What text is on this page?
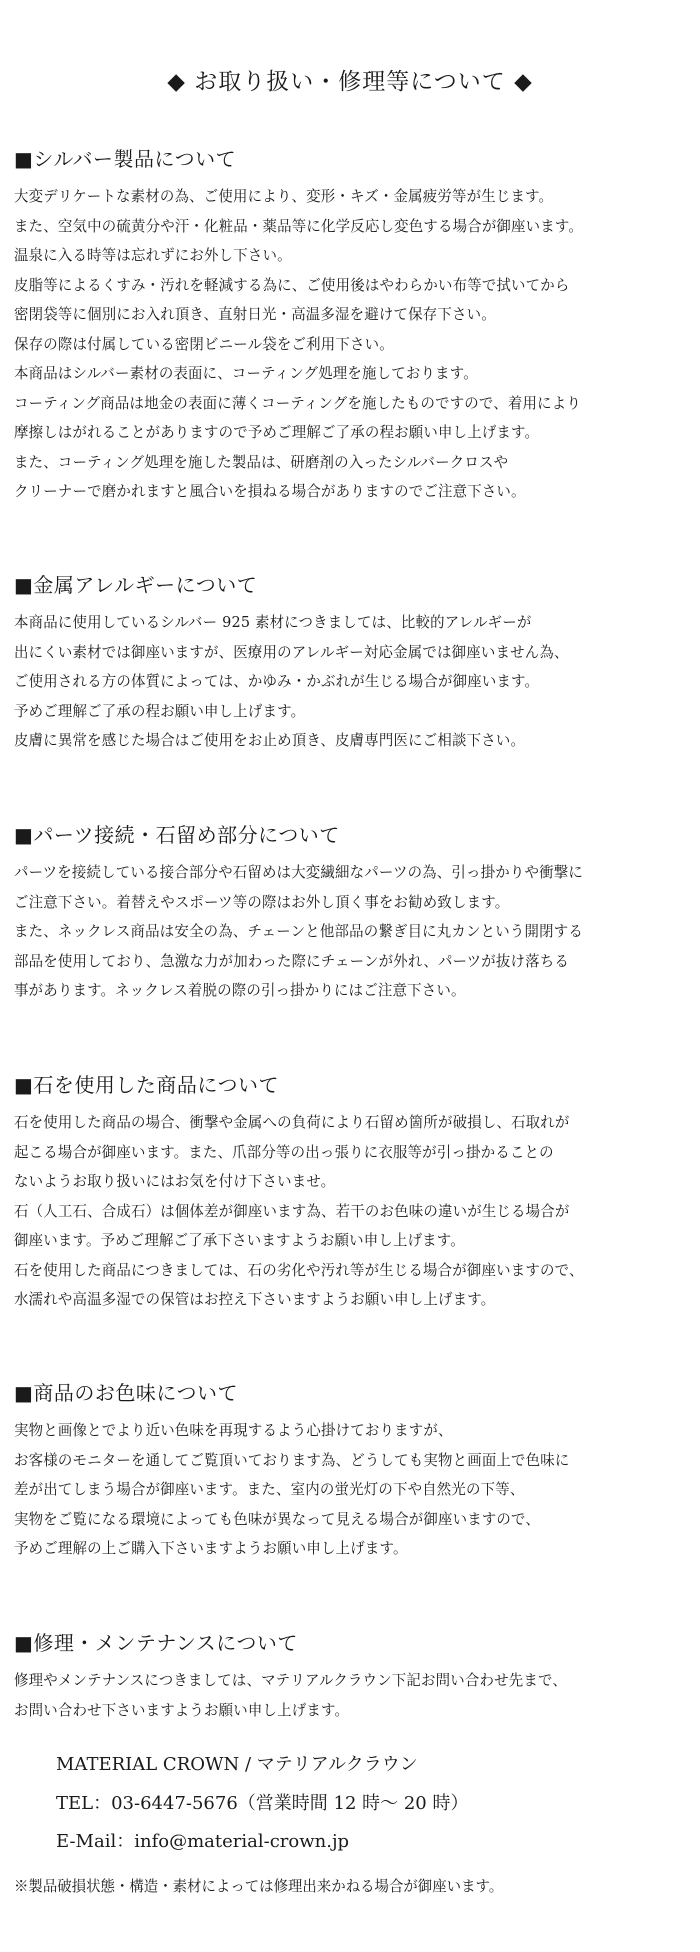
◆ お取り扱い・修理等について ◆
■シルバー製品について
大変デリケートな素材の為、ご使用により、変形・キズ・金属疲労等が生じます。
また、空気中の硫黄分や汗・化粧品・薬品等に化学反応し変色する場合が御座います。
温泉に入る時等は忘れずにお外し下さい。
皮脂等によるくすみ・汚れを軽減する為に、ご使用後はやわらかい布等で拭いてから
密閉袋等に個別にお入れ頂き、直射日光・高温多湿を避けて保存下さい。
保存の際は付属している密閉ビニール袋をご利用下さい。
本商品はシルバー素材の表面に、コーティング処理を施しております。
コーティング商品は地金の表面に薄くコーティングを施したものですので、着用により
摩擦しはがれることがありますので予めご理解ご了承の程お願い申し上げます。
また、コーティング処理を施した製品は、研磨剤の入ったシルバークロスや
クリーナーで磨かれますと風合いを損ねる場合がありますのでご注意下さい。
■金属アレルギーについて
本商品に使用しているシルバー 925 素材につきましては、比較的アレルギーが
出にくい素材では御座いますが、医療用のアレルギー対応金属では御座いません為、
ご使用される方の体質によっては、かゆみ・かぶれが生じる場合が御座います。
予めご理解ご了承の程お願い申し上げます。
皮膚に異常を感じた場合はご使用をお止め頂き、皮膚専門医にご相談下さい。
■パーツ接続・石留め部分について
パーツを接続している接合部分や石留めは大変繊細なパーツの為、引っ掛かりや衝撃に
ご注意下さい。着替えやスポーツ等の際はお外し頂く事をお勧め致します。
また、ネックレス商品は安全の為、チェーンと他部品の繋ぎ目に丸カンという開閉する
部品を使用しており、急激な力が加わった際にチェーンが外れ、パーツが抜け落ちる
事があります。ネックレス着脱の際の引っ掛かりにはご注意下さい。
■石を使用した商品について
石を使用した商品の場合、衝撃や金属への負荷により石留め箇所が破損し、石取れが
起こる場合が御座います。また、爪部分等の出っ張りに衣服等が引っ掛かることの
ないようお取り扱いにはお気を付け下さいませ。
石（人工石、合成石）は個体差が御座います為、若干のお色味の違いが生じる場合が
御座います。予めご理解ご了承下さいますようお願い申し上げます。
石を使用した商品につきましては、石の劣化や汚れ等が生じる場合が御座いますので、
水濡れや高温多湿での保管はお控え下さいますようお願い申し上げます。
■商品のお色味について
実物と画像とでより近い色味を再現するよう心掛けておりますが、
お客様のモニターを通してご覧頂いております為、どうしても実物と画面上で色味に
差が出てしまう場合が御座います。また、室内の蛍光灯の下や自然光の下等、
実物をご覧になる環境によっても色味が異なって見える場合が御座いますので、
予めご理解の上ご購入下さいますようお願い申し上げます。
■修理・メンテナンスについて
修理やメンテナンスにつきましては、マテリアルクラウン下記お問い合わせ先まで、
お問い合わせ下さいますようお願い申し上げます。
MATERIAL CROWN / マテリアルクラウン
TEL：03-6447-5676（営業時間 12 時〜 20 時）
E-Mail：info@material-crown.jp
※製品破損状態・構造・素材によっては修理出来かねる場合が御座います。
